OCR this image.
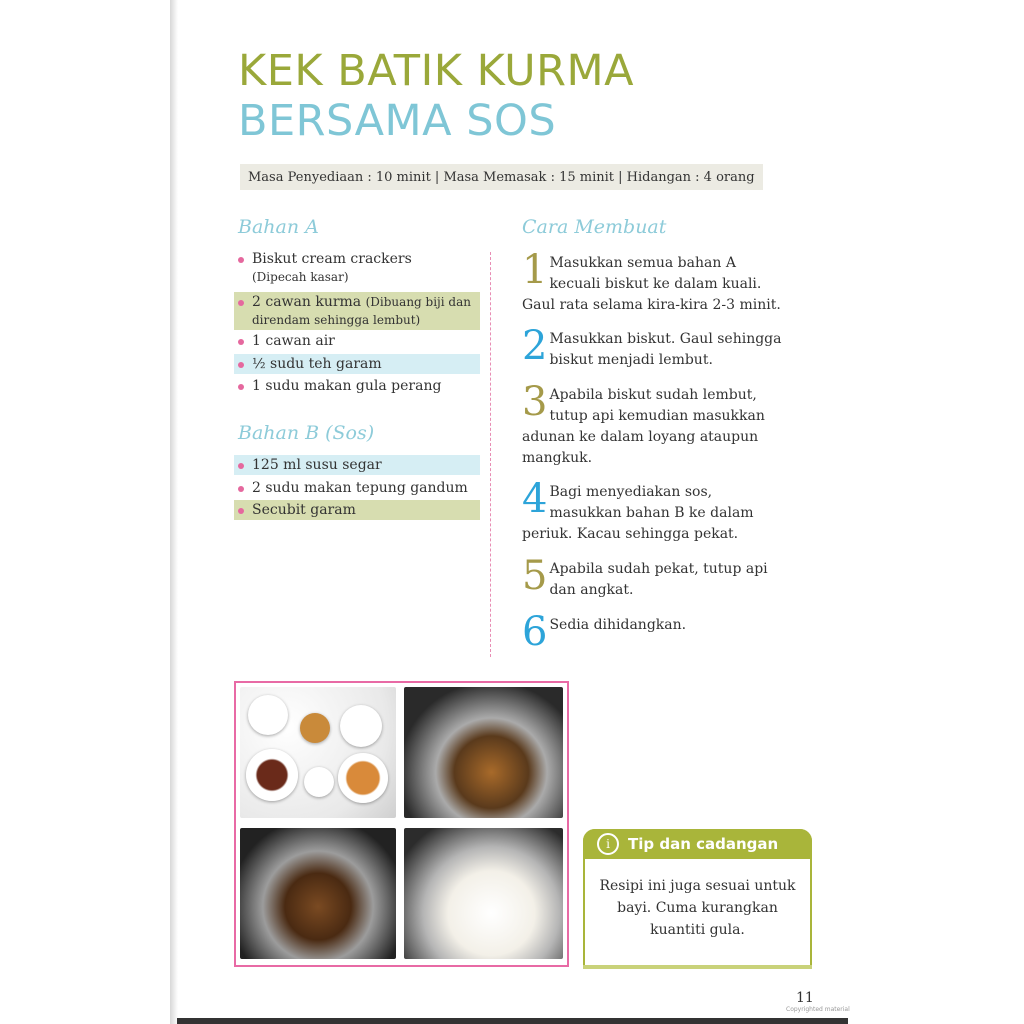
KEK BATIK KURMA
BERSAMA SOS
Masa Penyediaan : 10 minit | Masa Memasak : 15 minit | Hidangan : 4 orang
Bahan A
Biskut cream crackers
(Dipecah kasar)
2 cawan kurma (Dibuang biji dan direndam sehingga lembut)
1 cawan air
½ sudu teh garam
1 sudu makan gula perang
Bahan B (Sos)
125 ml susu segar
2 sudu makan tepung gandum
Secubit garam
Cara Membuat
1 Masukkan semua bahan A kecuali biskut ke dalam kuali. Gaul rata selama kira-kira 2-3 minit.
2 Masukkan biskut. Gaul sehingga biskut menjadi lembut.
3 Apabila biskut sudah lembut, tutup api kemudian masukkan adunan ke dalam loyang ataupun mangkuk.
4 Bagi menyediakan sos, masukkan bahan B ke dalam periuk. Kacau sehingga pekat.
5 Apabila sudah pekat, tutup api dan angkat.
6 Sedia dihidangkan.
i	Tip dan cadangan
Resipi ini juga sesuai untuk bayi. Cuma kurangkan kuantiti gula.
11
Copyrighted material
